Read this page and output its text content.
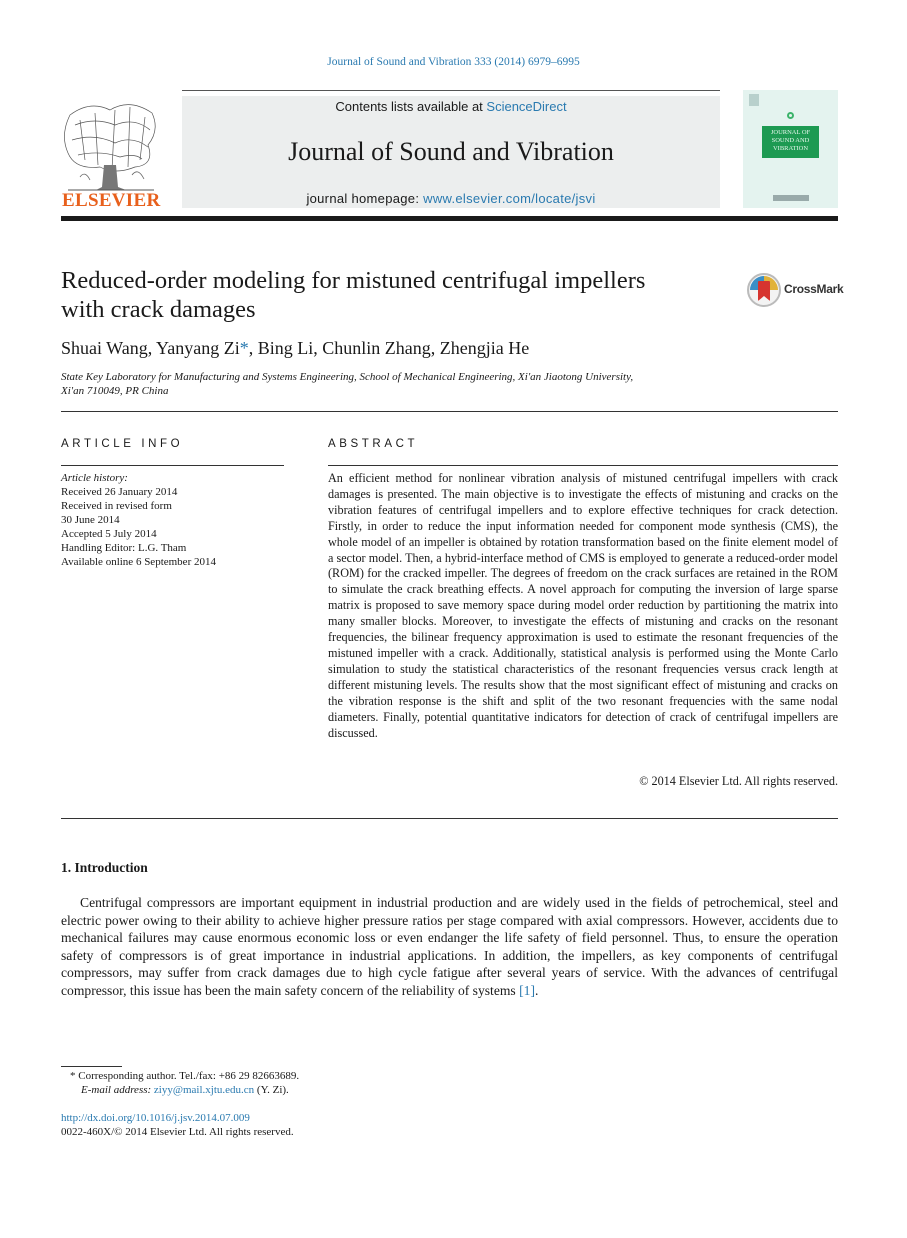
Journal of Sound and Vibration 333 (2014) 6979–6995
ELSEVIER
Contents lists available at ScienceDirect
Journal of Sound and Vibration
journal homepage: www.elsevier.com/locate/jsvi
JOURNAL OF SOUND AND VIBRATION
Reduced-order modeling for mistuned centrifugal impellers
with crack damages
CrossMark
Shuai Wang, Yanyang Zi*, Bing Li, Chunlin Zhang, Zhengjia He
State Key Laboratory for Manufacturing and Systems Engineering, School of Mechanical Engineering, Xi'an Jiaotong University,
Xi'an 710049, PR China
ARTICLE INFO	ABSTRACT
Article history:
Received 26 January 2014
Received in revised form
30 June 2014
Accepted 5 July 2014
Handling Editor: L.G. Tham
Available online 6 September 2014
An efficient method for nonlinear vibration analysis of mistuned centrifugal impellers with crack damages is presented. The main objective is to investigate the effects of mistuning and cracks on the vibration features of centrifugal impellers and to explore effective techniques for crack detection. Firstly, in order to reduce the input information needed for component mode synthesis (CMS), the whole model of an impeller is obtained by rotation transformation based on the finite element model of a sector model. Then, a hybrid-interface method of CMS is employed to generate a reduced-order model (ROM) for the cracked impeller. The degrees of freedom on the crack surfaces are retained in the ROM to simulate the crack breathing effects. A novel approach for computing the inversion of large sparse matrix is proposed to save memory space during model order reduction by partitioning the matrix into many smaller blocks. Moreover, to investigate the effects of mistuning and cracks on the resonant frequencies, the bilinear frequency approximation is used to estimate the resonant frequencies of the mistuned impeller with a crack. Additionally, statistical analysis is performed using the Monte Carlo simulation to study the statistical characteristics of the resonant frequencies versus crack length at different mistuning levels. The results show that the most significant effect of mistuning and cracks on the vibration response is the shift and split of the two resonant frequencies with the same nodal diameters. Finally, potential quantitative indicators for detection of crack of centrifugal impellers are discussed.
© 2014 Elsevier Ltd. All rights reserved.
1. Introduction
Centrifugal compressors are important equipment in industrial production and are widely used in the fields of petrochemical, steel and electric power owing to their ability to achieve higher pressure ratios per stage compared with axial compressors. However, accidents due to mechanical failures may cause enormous economic loss or even endanger the life safety of field personnel. Thus, to ensure the operation safety of compressors is of great importance in industrial applications. In addition, the impellers, as key components of centrifugal compressors, may suffer from crack damages due to high cycle fatigue after several years of service. With the advances of centrifugal compressor, this issue has been the main safety concern of the reliability of systems [1].
* Corresponding author. Tel./fax: +86 29 82663689.
E-mail address: ziyy@mail.xjtu.edu.cn (Y. Zi).
http://dx.doi.org/10.1016/j.jsv.2014.07.009
0022-460X/© 2014 Elsevier Ltd. All rights reserved.
